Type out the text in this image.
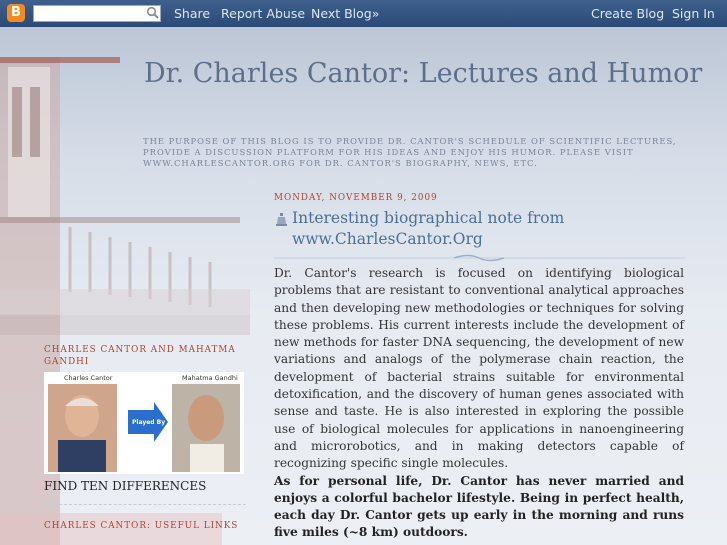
B	Share Report Abuse Next Blog»	Create Blog Sign In
Dr. Charles Cantor: Lectures and Humor
THE PURPOSE OF THIS BLOG IS TO PROVIDE DR. CANTOR'S SCHEDULE OF SCIENTIFIC LECTURES, PROVIDE A DISCUSSION PLATFORM FOR HIS IDEAS AND ENJOY HIS HUMOR. PLEASE VISIT WWW.CHARLESCANTOR.ORG FOR DR. CANTOR'S BIOGRAPHY, NEWS, ETC.
MONDAY, NOVEMBER 9, 2009
Interesting biographical note from www.CharlesCantor.Org

Dr. Cantor's research is focused on identifying biological problems that are resistant to conventional analytical approaches and then developing new methodologies or techniques for solving these problems. His current interests include the development of new methods for faster DNA sequencing, the development of new variations and analogs of the polymerase chain reaction, the development of bacterial strains suitable for environmental detoxification, and the discovery of human genes associated with sense and taste. He is also interested in exploring the possible use of biological molecules for applications in nanoengineering and microrobotics, and in making detectors capable of recognizing specific single molecules.

As for personal life, Dr. Cantor has never married and enjoys a colorful bachelor lifestyle. Being in perfect health, each day Dr. Cantor gets up early in the morning and runs five miles (~8 km) outdoors.

CHARLES CANTOR AND MAHATMA GANDHI
Charles Cantor
Played By
Mahatma Gandhi
FIND TEN DIFFERENCES
CHARLES CANTOR: USEFUL LINKS
